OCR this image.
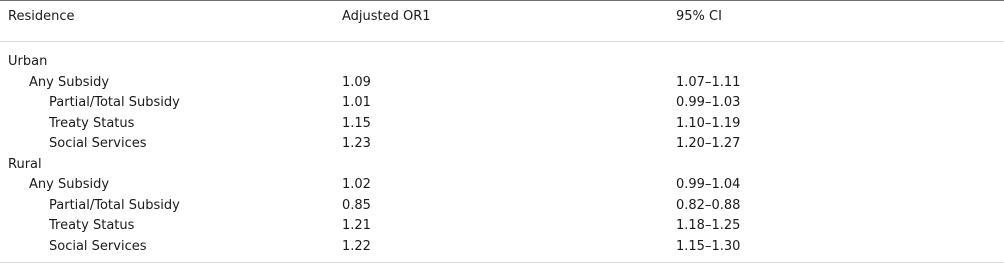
Residence	Adjusted OR1	95% CI
Urban
Any Subsidy	1.09	1.07–1.11
Partial/Total Subsidy	1.01	0.99–1.03
Treaty Status	1.15	1.10–1.19
Social Services	1.23	1.20–1.27
Rural
Any Subsidy	1.02	0.99–1.04
Partial/Total Subsidy	0.85	0.82–0.88
Treaty Status	1.21	1.18–1.25
Social Services	1.22	1.15–1.30
